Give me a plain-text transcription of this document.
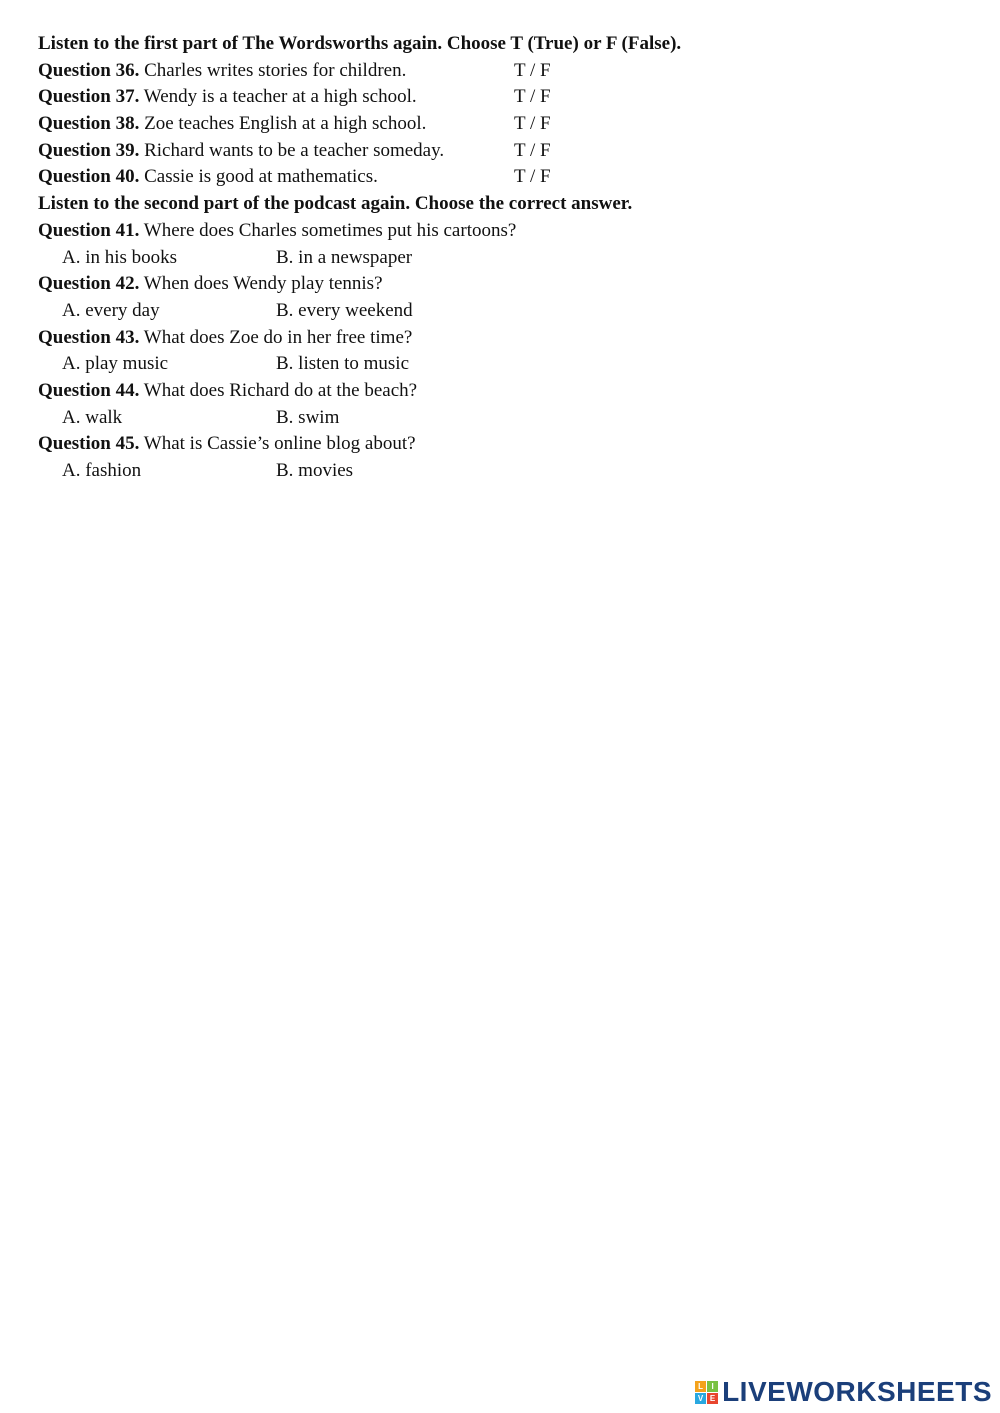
Listen to the first part of The Wordsworths again. Choose T (True) or F (False).
Question 36. Charles writes stories for children.	T / F
Question 37. Wendy is a teacher at a high school.	T / F
Question 38. Zoe teaches English at a high school.	T / F
Question 39. Richard wants to be a teacher someday.	T / F
Question 40. Cassie is good at mathematics.	T / F
Listen to the second part of the podcast again. Choose the correct answer.
Question 41. Where does Charles sometimes put his cartoons?
A. in his books	B. in a newspaper
Question 42. When does Wendy play tennis?
A. every day	B. every weekend
Question 43. What does Zoe do in her free time?
A. play music	B. listen to music
Question 44. What does Richard do at the beach?
A. walk	B. swim
Question 45. What is Cassie’s online blog about?
A. fashion	B. movies
L	I
V E LIVEWORKSHEETS
